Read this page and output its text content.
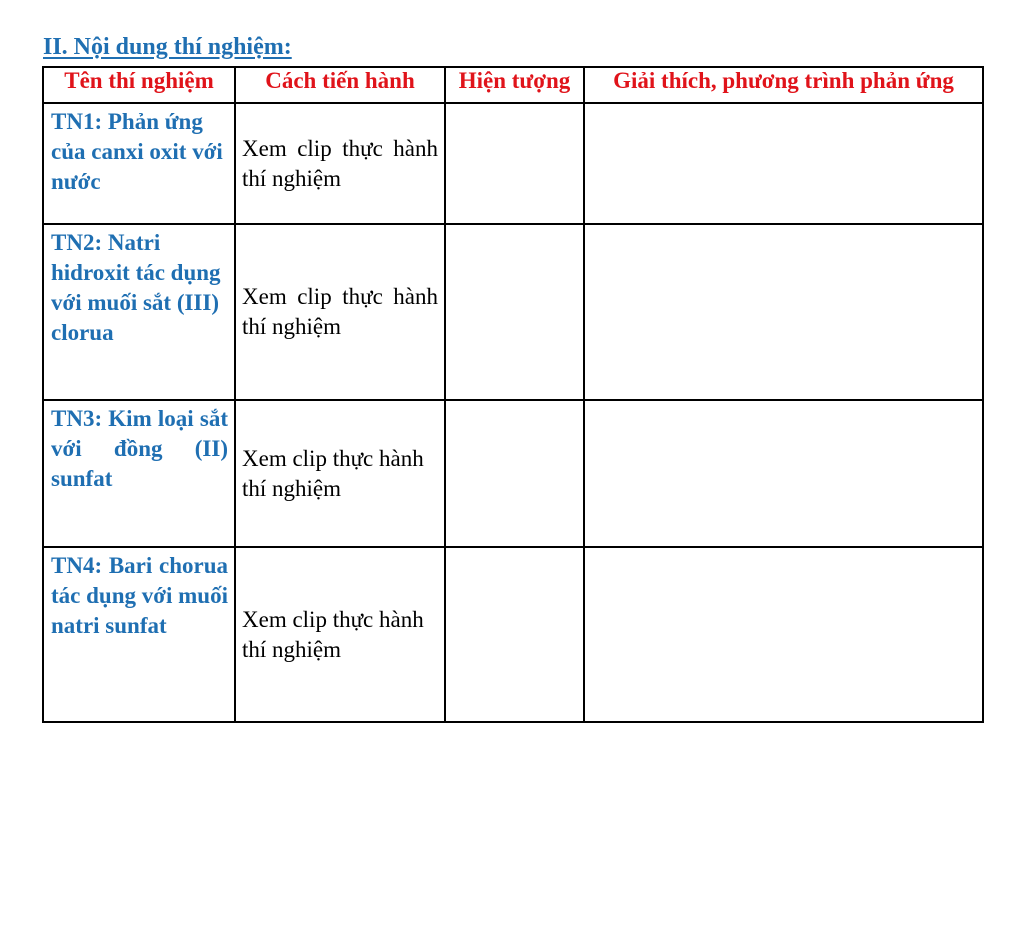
II. Nội dung thí nghiệm:
Tên thí nghiệm	Cách tiến hành	Hiện tượng	Giải thích, phương trình phản ứng
TN1: Phản ứng của canxi oxit với nước	Xem clip thực hành thí nghiệm		
TN2: Natri hidroxit tác dụng với muối sắt (III) clorua	Xem clip thực hành thí nghiệm		
TN3: Kim loại sắt với đồng (II) sunfat	Xem clip thực hành thí nghiệm		
TN4: Bari chorua tác dụng với muối natri sunfat	Xem clip thực hành thí nghiệm		
